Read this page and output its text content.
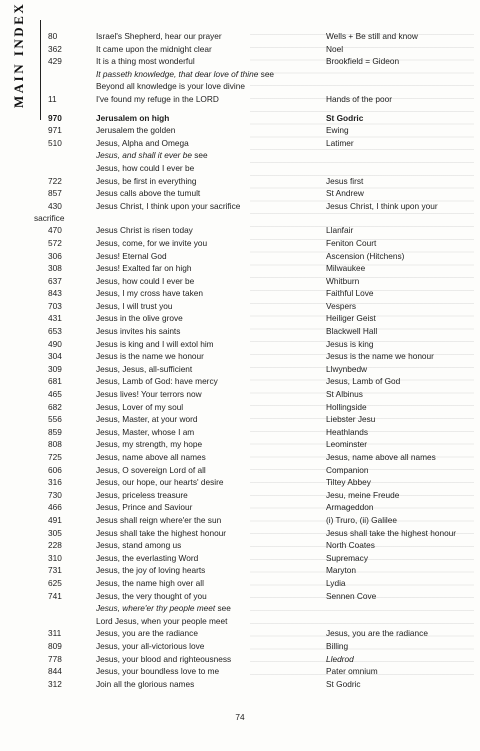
MAIN INDEX	80	Israel's Shepherd, hear our prayer	Wells + Be still and know
362	It came upon the midnight clear	Noel
429	It is a thing most wonderful	Brookfield = Gideon
It passeth knowledge, that dear love of thine see
Beyond all knowledge is your love divine
11	I've found my refuge in the LORD	Hands of the poor
970	Jerusalem on high	St Godric
971	Jerusalem the golden	Ewing
510	Jesus, Alpha and Omega	Latimer
Jesus, and shall it ever be see
Jesus, how could I ever be
722	Jesus, be first in everything	Jesus first
857	Jesus calls above the tumult	St Andrew
430	Jesus Christ, I think upon your sacrifice	Jesus Christ, I think upon your
sacrifice
470	Jesus Christ is risen today	Llanfair
572	Jesus, come, for we invite you	Feniton Court
306	Jesus! Eternal God	Ascension (Hitchens)
308	Jesus! Exalted far on high	Milwaukee
637	Jesus, how could I ever be	Whitburn
843	Jesus, I my cross have taken	Faithful Love
703	Jesus, I will trust you	Vespers
431	Jesus in the olive grove	Heiliger Geist
653	Jesus invites his saints	Blackwell Hall
490	Jesus is king and I will extol him	Jesus is king
304	Jesus is the name we honour	Jesus is the name we honour
309	Jesus, Jesus, all-sufficient	Llwynbedw
681	Jesus, Lamb of God: have mercy	Jesus, Lamb of God
465	Jesus lives! Your terrors now	St Albinus
682	Jesus, Lover of my soul	Hollingside
556	Jesus, Master, at your word	Liebster Jesu
859	Jesus, Master, whose I am	Heathlands
808	Jesus, my strength, my hope	Leominster
725	Jesus, name above all names	Jesus, name above all names
606	Jesus, O sovereign Lord of all	Companion
316	Jesus, our hope, our hearts' desire	Tiltey Abbey
730	Jesus, priceless treasure	Jesu, meine Freude
466	Jesus, Prince and Saviour	Armageddon
491	Jesus shall reign where'er the sun	(i) Truro, (ii) Galilee
305	Jesus shall take the highest honour	Jesus shall take the highest honour
228	Jesus, stand among us	North Coates
310	Jesus, the everlasting Word	Supremacy
731	Jesus, the joy of loving hearts	Maryton
625	Jesus, the name high over all	Lydia
741	Jesus, the very thought of you	Sennen Cove
Jesus, where'er thy people meet see
Lord Jesus, when your people meet
311	Jesus, you are the radiance	Jesus, you are the radiance
809	Jesus, your all-victorious love	Billing
778	Jesus, your blood and righteousness	Lledrod
844	Jesus, your boundless love to me	Pater omnium
312	Join all the glorious names	St Godric
74
